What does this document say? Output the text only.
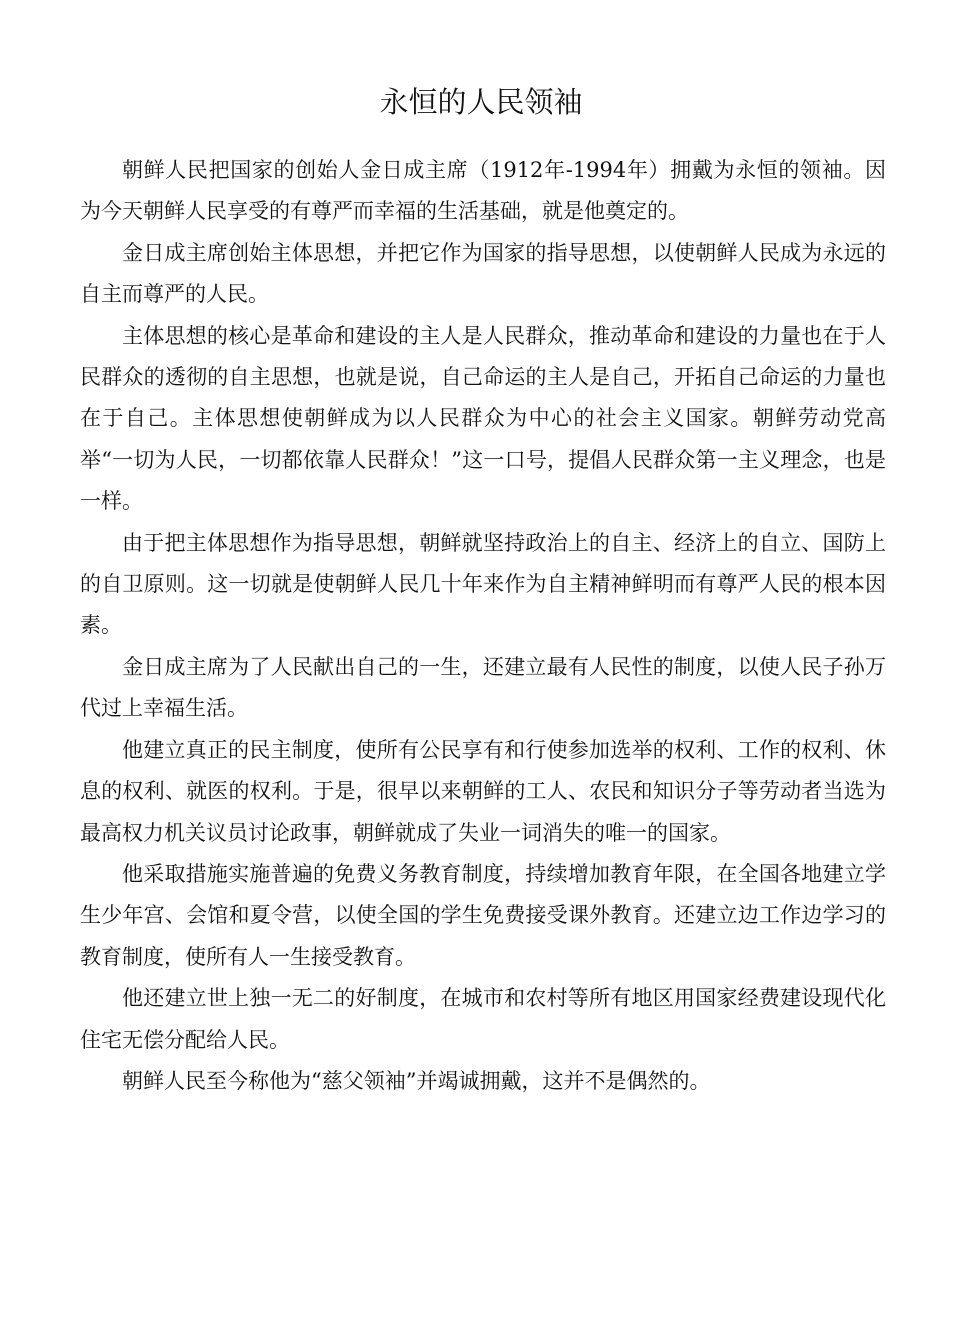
永恒的人民领袖

朝鲜人民把国家的创始人金日成主席（1912年-1994年）拥戴为永恒的领袖。因为今天朝鲜人民享受的有尊严而幸福的生活基础，就是他奠定的。

金日成主席创始主体思想，并把它作为国家的指导思想，以使朝鲜人民成为永远的自主而尊严的人民。

主体思想的核心是革命和建设的主人是人民群众，推动革命和建设的力量也在于人民群众的透彻的自主思想，也就是说，自己命运的主人是自己，开拓自己命运的力量也在于自己。主体思想使朝鲜成为以人民群众为中心的社会主义国家。朝鲜劳动党高举“一切为人民，一切都依靠人民群众！”这一口号，提倡人民群众第一主义理念，也是一样。

由于把主体思想作为指导思想，朝鲜就坚持政治上的自主、经济上的自立、国防上的自卫原则。这一切就是使朝鲜人民几十年来作为自主精神鲜明而有尊严人民的根本因素。

金日成主席为了人民献出自己的一生，还建立最有人民性的制度，以使人民子孙万代过上幸福生活。

他建立真正的民主制度，使所有公民享有和行使参加选举的权利、工作的权利、休息的权利、就医的权利。于是，很早以来朝鲜的工人、农民和知识分子等劳动者当选为最高权力机关议员讨论政事，朝鲜就成了失业一词消失的唯一的国家。

他采取措施实施普遍的免费义务教育制度，持续增加教育年限，在全国各地建立学生少年宫、会馆和夏令营，以使全国的学生免费接受课外教育。还建立边工作边学习的教育制度，使所有人一生接受教育。

他还建立世上独一无二的好制度，在城市和农村等所有地区用国家经费建设现代化住宅无偿分配给人民。

朝鲜人民至今称他为“慈父领袖”并竭诚拥戴，这并不是偶然的。
